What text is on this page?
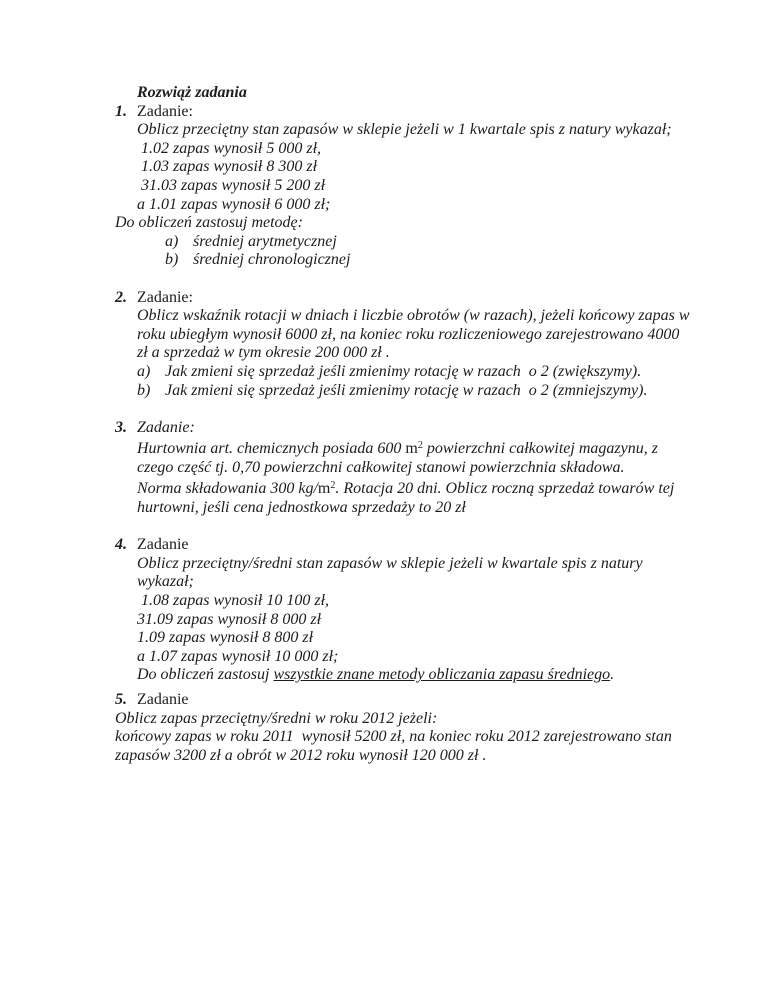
Rozwiąż zadania
1. Zadanie:
Oblicz przeciętny stan zapasów w sklepie jeżeli w 1 kwartale spis z natury wykazał;
1.02 zapas wynosił 5 000 zł,
1.03 zapas wynosił 8 300 zł
31.03 zapas wynosił 5 200 zł
a 1.01 zapas wynosił 6 000 zł;
Do obliczeń zastosuj metodę:
a) średniej arytmetycznej
b) średniej chronologicznej
2. Zadanie:
Oblicz wskaźnik rotacji w dniach i liczbie obrotów (w razach), jeżeli końcowy zapas w
roku ubiegłym wynosił 6000 zł, na koniec roku rozliczeniowego zarejestrowano 4000
zł a sprzedaż w tym okresie 200 000 zł .
a) Jak zmieni się sprzedaż jeśli zmienimy rotację w razach  o 2 (zwiększymy).
b) Jak zmieni się sprzedaż jeśli zmienimy rotację w razach  o 2 (zmniejszymy).
3. Zadanie:
Hurtownia art. chemicznych posiada 600 $m^2$ powierzchni całkowitej magazynu, z
czego część tj. 0,70 powierzchni całkowitej stanowi powierzchnia składowa.
Norma składowania 300 $kg/m^2$. Rotacja 20 dni. Oblicz roczną sprzedaż towarów tej
hurtowni, jeśli cena jednostkowa sprzedaży to 20 zł
4. Zadanie
Oblicz przeciętny/średni stan zapasów w sklepie jeżeli w kwartale spis z natury
wykazał;
1.08 zapas wynosił 10 100 zł,
31.09 zapas wynosił 8 000 zł
1.09 zapas wynosił 8 800 zł
a 1.07 zapas wynosił 10 000 zł;
Do obliczeń zastosuj wszystkie znane metody obliczania zapasu średniego.
5. Zadanie
Oblicz zapas przeciętny/średni w roku 2012 jeżeli:
końcowy zapas w roku 2011  wynosił 5200 zł, na koniec roku 2012 zarejestrowano stan
zapasów 3200 zł a obrót w 2012 roku wynosił 120 000 zł .
